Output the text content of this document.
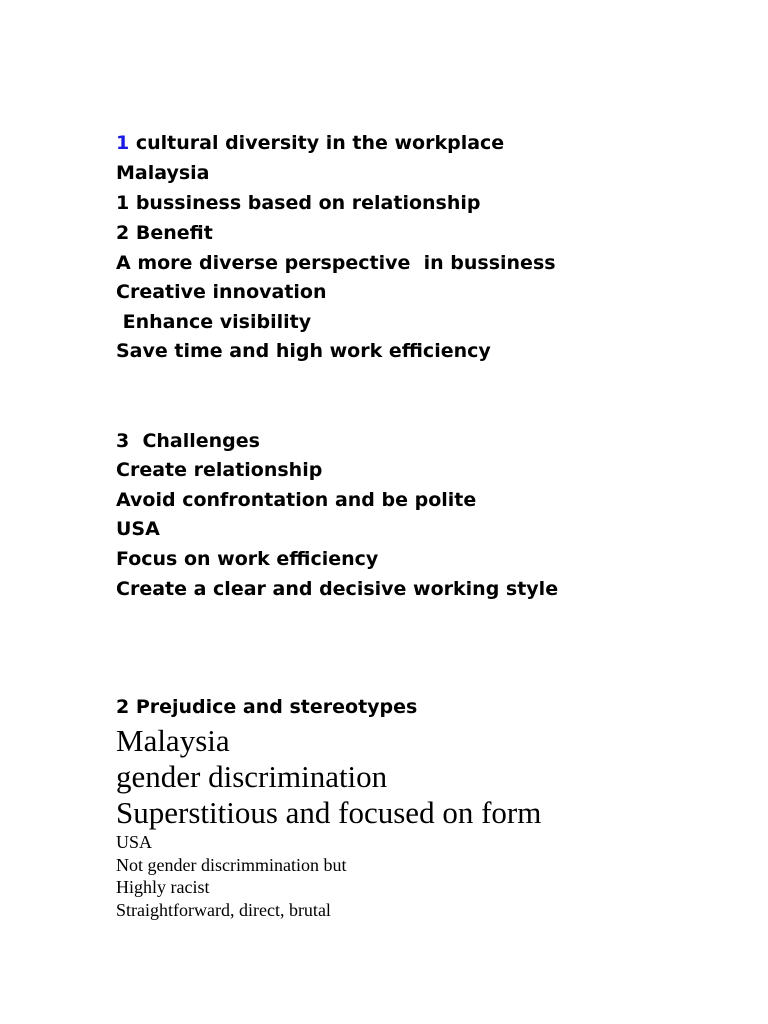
1 cultural diversity in the workplace

Malaysia

1 bussiness based on relationship

2 Benefit

A more diverse perspective  in bussiness

Creative innovation

Enhance visibility

Save time and high work efficiency

3  Challenges

Create relationship

Avoid confrontation and be polite

USA

Focus on work efficiency

Create a clear and decisive working style

2 Prejudice and stereotypes

Malaysia

gender discrimination

Superstitious and focused on form

USA

Not gender discrimmination but

Highly racist

Straightforward, direct, brutal
